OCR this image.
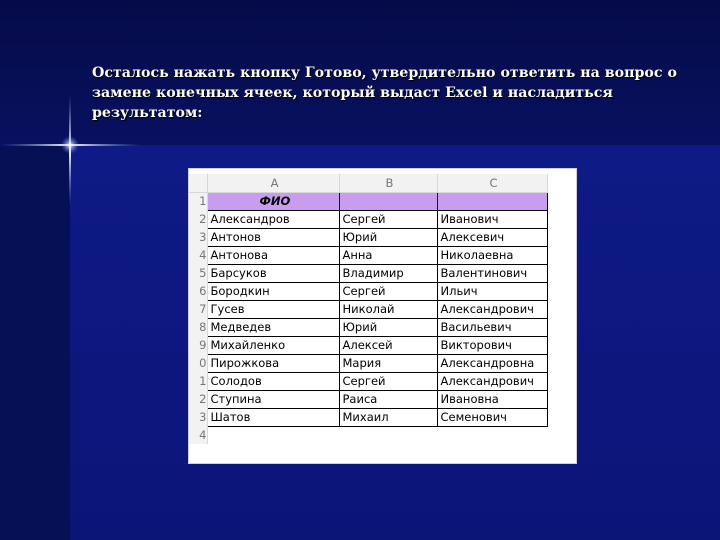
Осталось нажать кнопку Готово, утвердительно ответить на вопрос о замене конечных ячеек, который выдаст Excel и насладиться результатом:
	A	B	C
1	ФИО		
2	Александров	Сергей	Иванович
3	Антонов	Юрий	Алексевич
4	Антонова	Анна	Николаевна
5	Барсуков	Владимир	Валентинович
6	Бородкин	Сергей	Ильич
7	Гусев	Николай	Александрович
8	Медведев	Юрий	Васильевич
9	Михайленко	Алексей	Викторович
0	Пирожкова	Мария	Александровна
1	Солодов	Сергей	Александрович
2	Ступина	Раиса	Ивановна
3	Шатов	Михаил	Семенович
4			
